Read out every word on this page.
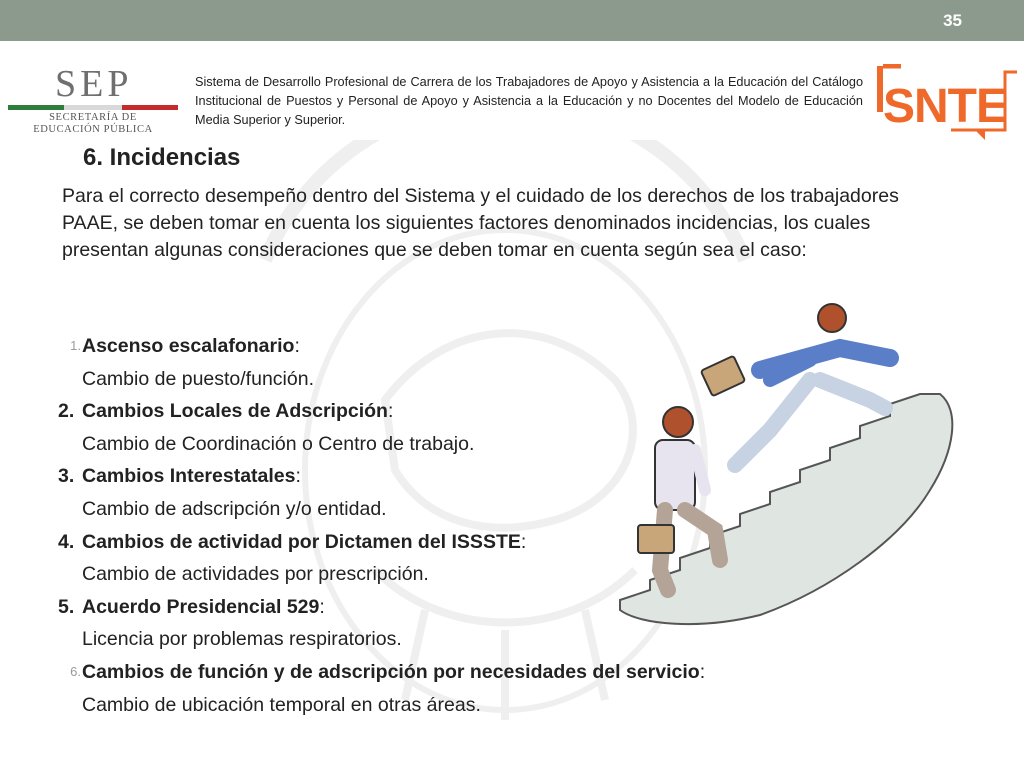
35
SEP
SECRETARÍA DE
EDUCACIÓN PÚBLICA
Sistema de Desarrollo Profesional de Carrera de los Trabajadores de Apoyo y Asistencia a la Educación del Catálogo Institucional de Puestos y Personal de Apoyo y Asistencia a la Educación y no Docentes del Modelo de Educación Media Superior y Superior.	SNTE
6. Incidencias
Para el correcto desempeño dentro del Sistema y el cuidado de los derechos de los trabajadores PAAE, se deben tomar en cuenta los siguientes factores denominados incidencias, los cuales presentan algunas consideraciones que se deben tomar en cuenta según sea el caso:
1. Ascenso escalafonario:
Cambio de puesto/función.
2. Cambios Locales de Adscripción:
Cambio de Coordinación o Centro de trabajo.
3. Cambios Interestatales:
Cambio de adscripción y/o entidad.
4. Cambios de actividad por Dictamen del ISSSTE:
Cambio de actividades por prescripción.
5. Acuerdo Presidencial 529:
Licencia por problemas respiratorios.
6. Cambios de función y de adscripción por necesidades del servicio:
Cambio de ubicación temporal en otras áreas.
